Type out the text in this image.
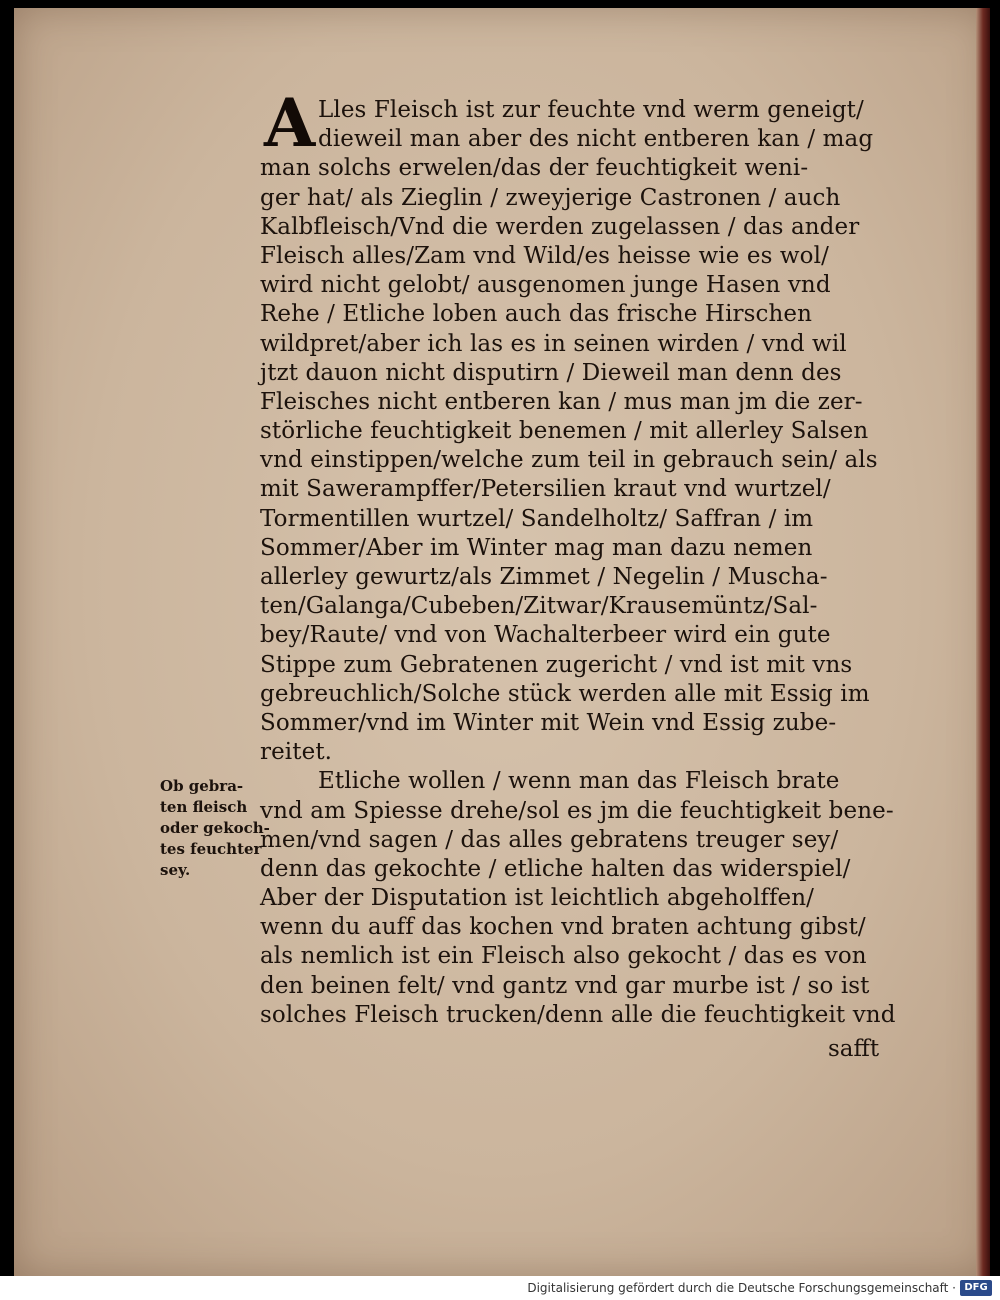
A Lles Fleisch ist zur feuchte vnd werm geneigt/
dieweil man aber des nicht entberen kan / mag
man solchs erwelen/das der feuchtigkeit weni-
ger hat/ als Zieglin / zweyjerige Castronen / auch
Kalbfleisch/Vnd die werden zugelassen / das ander
Fleisch alles/Zam vnd Wild/es heisse wie es wol/
wird nicht gelobt/ ausgenomen junge Hasen vnd
Rehe / Etliche loben auch das frische Hirschen
wildpret/aber ich las es in seinen wirden / vnd wil
jtzt dauon nicht disputirn / Dieweil man denn des
Fleisches nicht entberen kan / mus man jm die zer-
störliche feuchtigkeit benemen / mit allerley Salsen
vnd einstippen/welche zum teil in gebrauch sein/ als
mit Sawerampffer/Petersilien kraut vnd wurtzel/
Tormentillen wurtzel/ Sandelholtz/ Saffran / im
Sommer/Aber im Winter mag man dazu nemen
allerley gewurtz/als Zimmet / Negelin / Muscha-
ten/Galanga/Cubeben/Zitwar/Krausemüntz/Sal-
bey/Raute/ vnd von Wachalterbeer wird ein gute
Stippe zum Gebratenen zugericht / vnd ist mit vns
gebreuchlich/Solche stück werden alle mit Essig im
Sommer/vnd im Winter mit Wein vnd Essig zube-
reitet.
Etliche wollen / wenn man das Fleisch brate
vnd am Spiesse drehe/sol es jm die feuchtigkeit bene-
men/vnd sagen / das alles gebratens treuger sey/
denn das gekochte / etliche halten das widerspiel/
Aber der Disputation ist leichtlich abgeholffen/
wenn du auff das kochen vnd braten achtung gibst/
als nemlich ist ein Fleisch also gekocht / das es von
den beinen felt/ vnd gantz vnd gar murbe ist / so ist
solches Fleisch trucken/denn alle die feuchtigkeit vnd
safft
Ob gebra-
ten fleisch
oder gekoch-
tes feuchter
sey.
Digitalisierung gefördert durch die Deutsche Forschungsgemeinschaft · DFG
